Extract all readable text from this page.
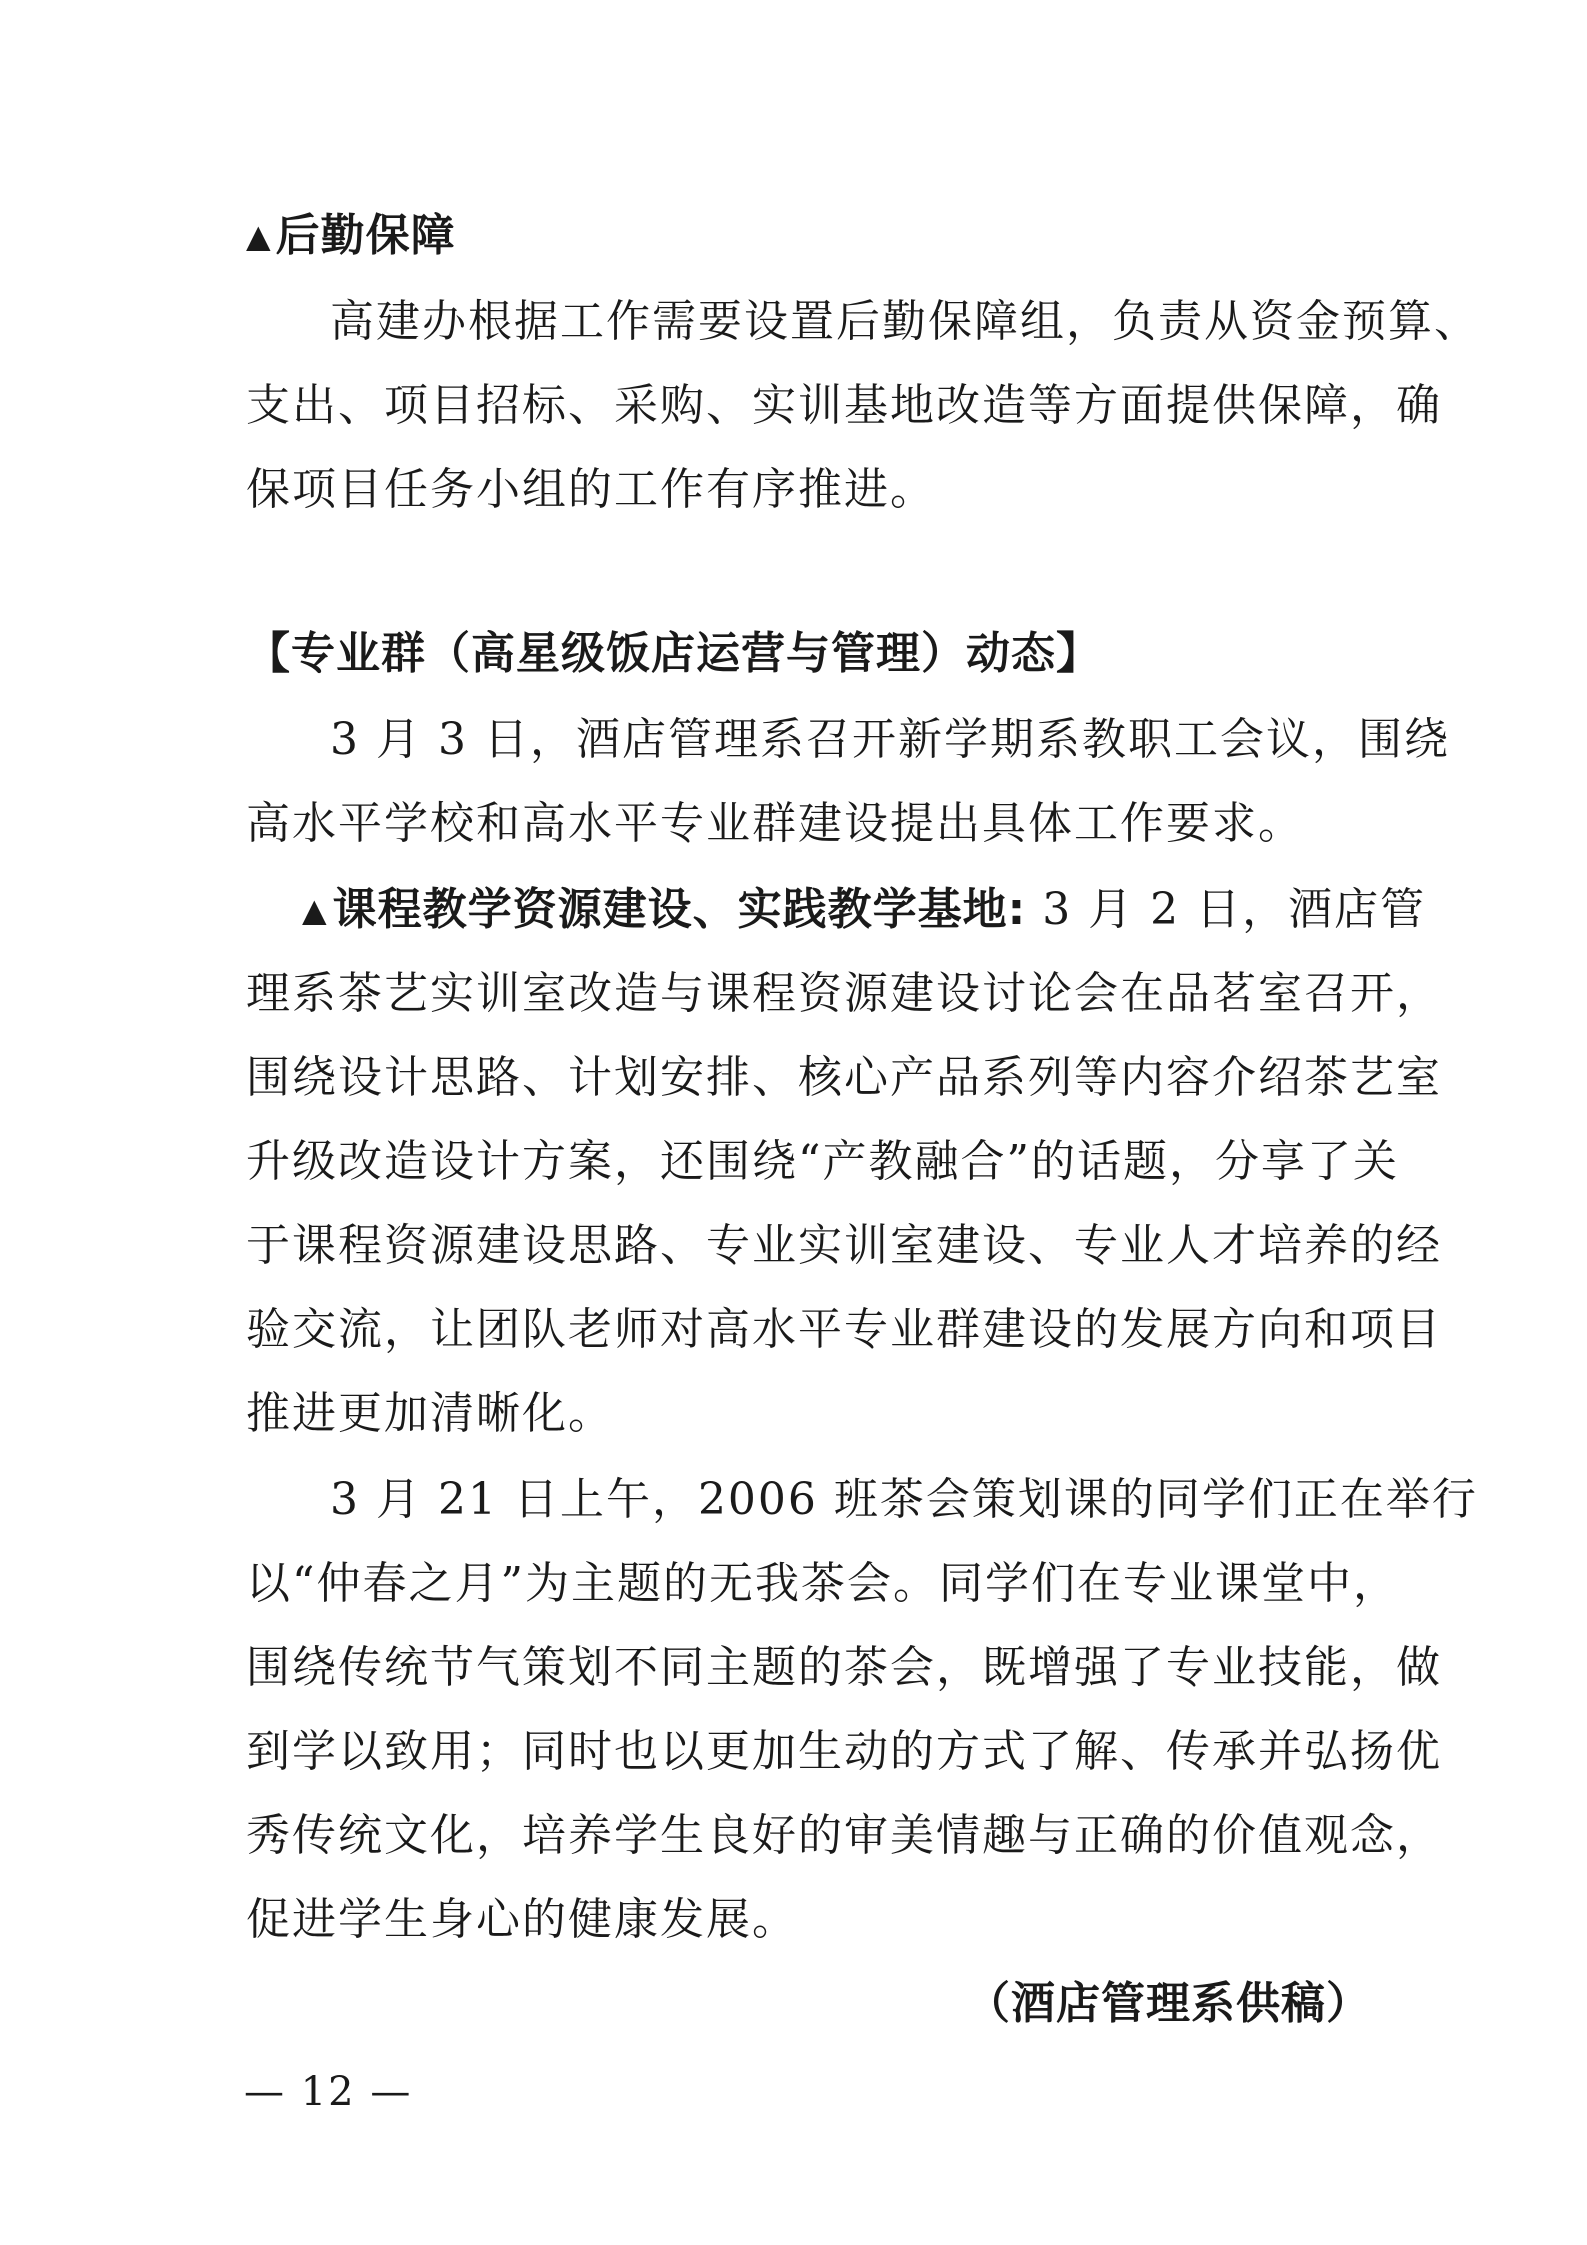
▲后勤保障
高建办根据工作需要设置后勤保障组，负责从资金预算、
支出、项目招标、采购、实训基地改造等方面提供保障，确
保项目任务小组的工作有序推进。
【专业群（高星级饭店运营与管理）动态】
3 月 3 日，酒店管理系召开新学期系教职工会议，围绕
高水平学校和高水平专业群建设提出具体工作要求。
▲课程教学资源建设、实践教学基地: 3 月 2 日，酒店管
理系茶艺实训室改造与课程资源建设讨论会在品茗室召开，
围绕设计思路、计划安排、核心产品系列等内容介绍茶艺室
升级改造设计方案，还围绕“产教融合”的话题，分享了关
于课程资源建设思路、专业实训室建设、专业人才培养的经
验交流，让团队老师对高水平专业群建设的发展方向和项目
推进更加清晰化。
3 月 21 日上午，2006 班茶会策划课的同学们正在举行
以“仲春之月”为主题的无我茶会。同学们在专业课堂中，
围绕传统节气策划不同主题的茶会，既增强了专业技能，做
到学以致用；同时也以更加生动的方式了解、传承并弘扬优
秀传统文化，培养学生良好的审美情趣与正确的价值观念，
促进学生身心的健康发展。
（酒店管理系供稿）
— 12 —
